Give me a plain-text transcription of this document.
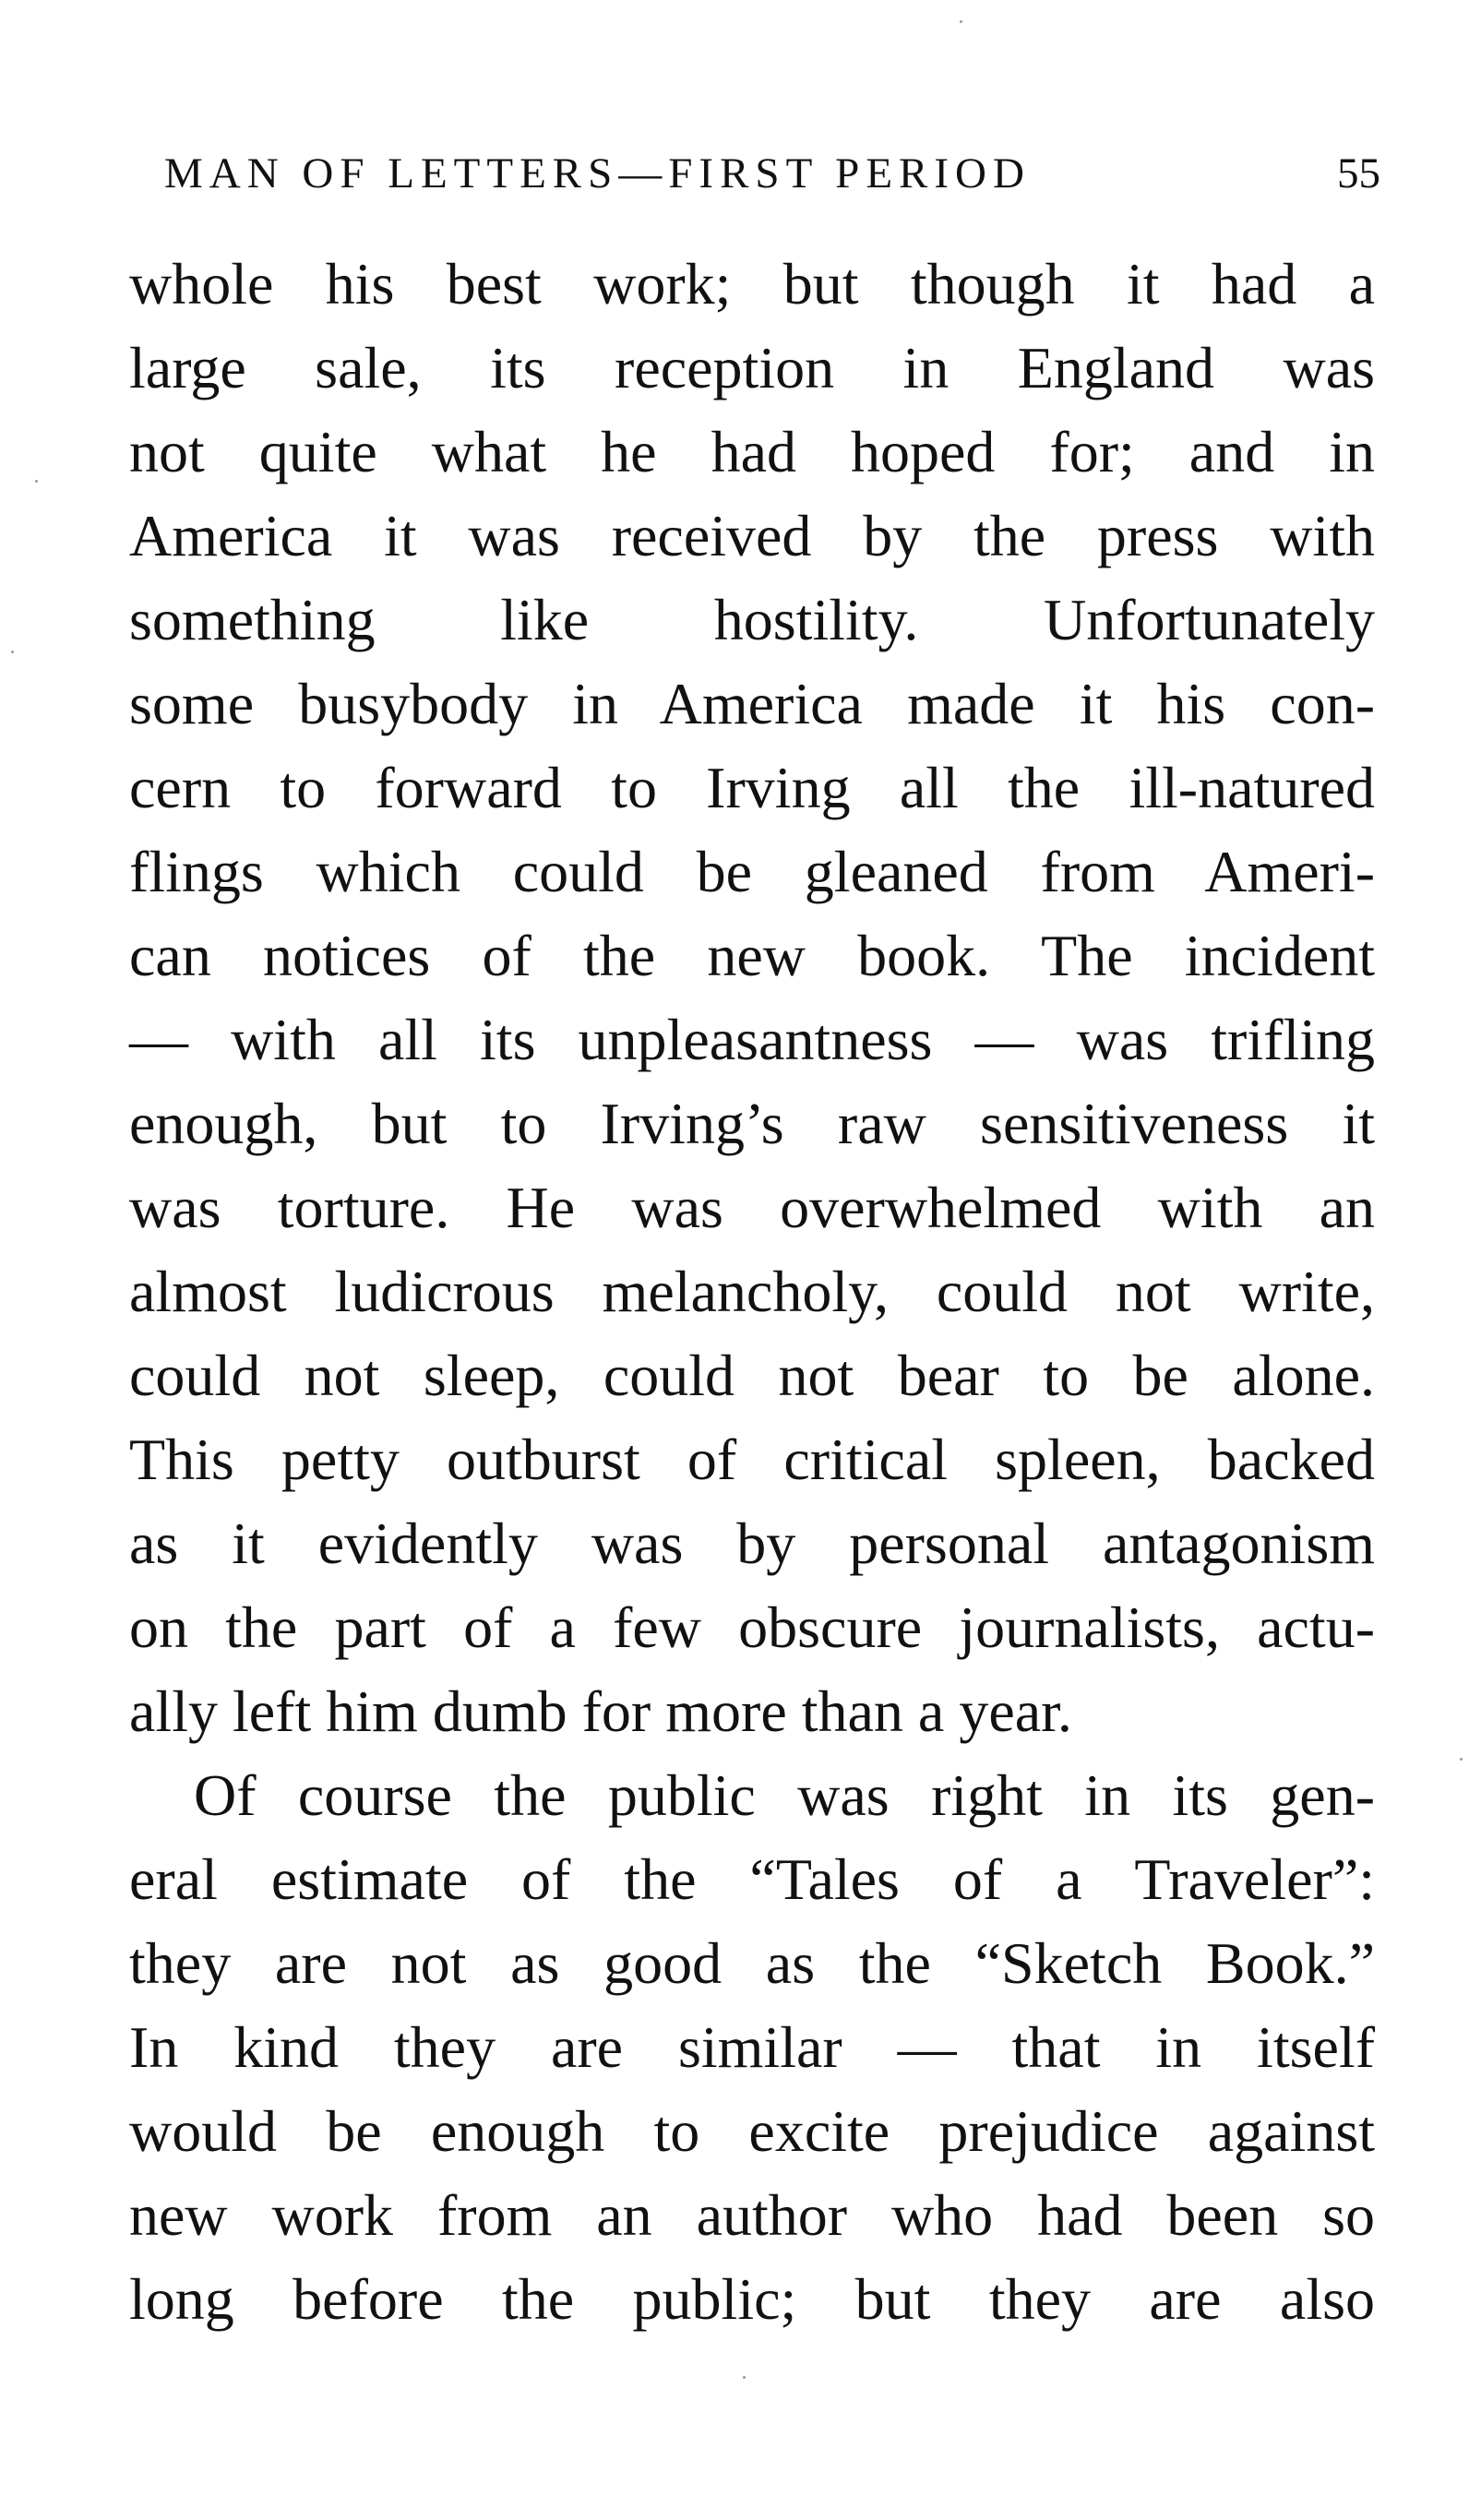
MAN OF LETTERS—FIRST PERIOD	55
whole his best work; but though it had a
large sale, its reception in England was
not quite what he had hoped for; and in
America it was received by the press with
something like hostility. Unfortunately
some busybody in America made it his con-
cern to forward to Irving all the ill-natured
flings which could be gleaned from Ameri-
can notices of the new book. The incident
— with all its unpleasantness — was trifling
enough, but to Irving’s raw sensitiveness it
was torture. He was overwhelmed with an
almost ludicrous melancholy, could not write,
could not sleep, could not bear to be alone.
This petty outburst of critical spleen, backed
as it evidently was by personal antagonism
on the part of a few obscure journalists, actu-
ally left him dumb for more than a year.
Of course the public was right in its gen-
eral estimate of the “Tales of a Traveler”:
they are not as good as the “Sketch Book.”
In kind they are similar — that in itself
would be enough to excite prejudice against
new work from an author who had been so
long before the public; but they are also
